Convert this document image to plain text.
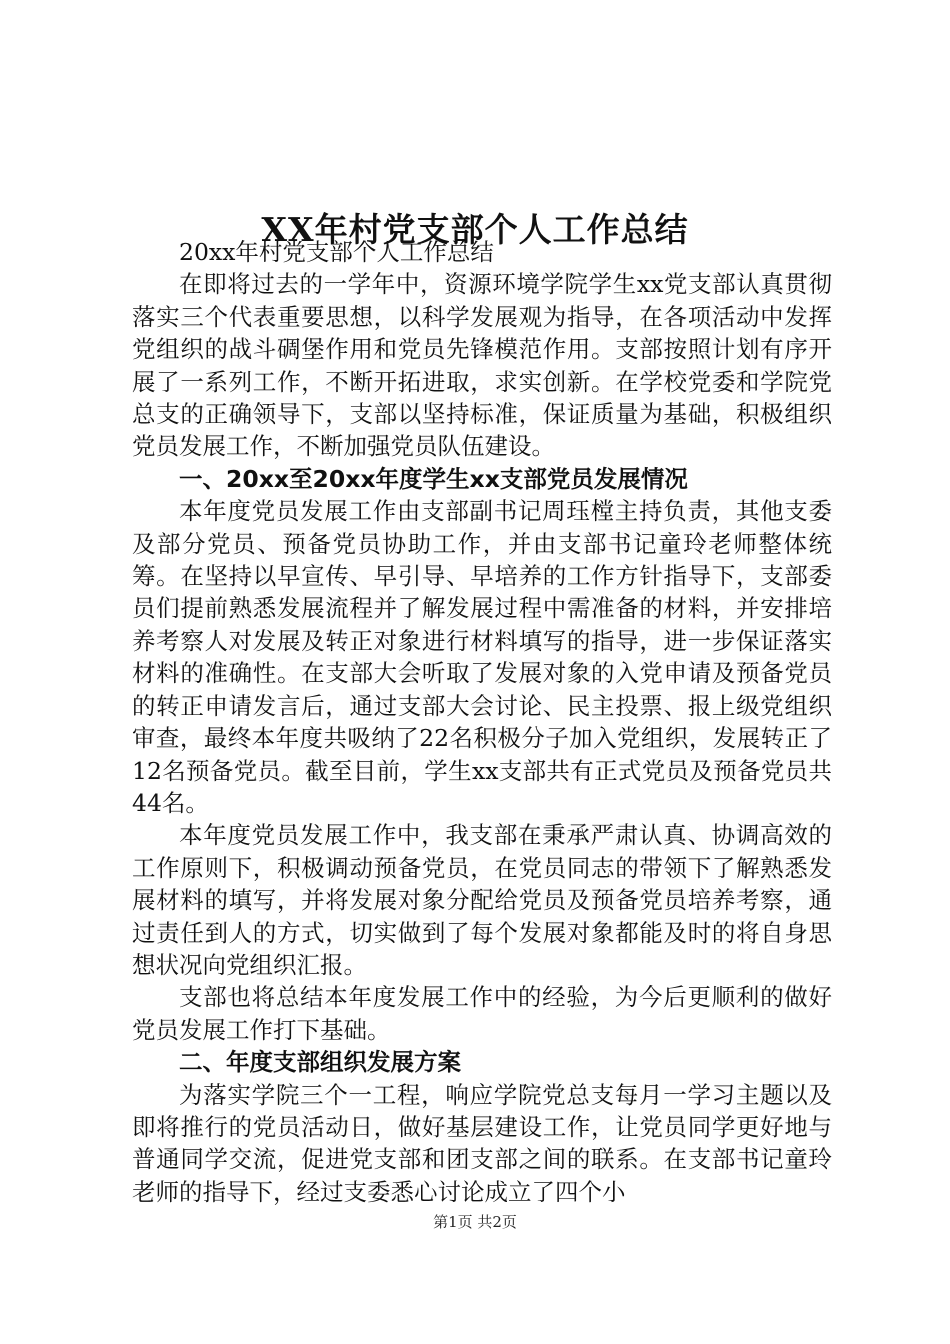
XX年村党支部个人工作总结

20xx年村党支部个人工作总结

在即将过去的一学年中，资源环境学院学生xx党支部认真贯彻落实三个代表重要思想，以科学发展观为指导，在各项活动中发挥党组织的战斗碉堡作用和党员先锋模范作用。支部按照计划有序开展了一系列工作，不断开拓进取，求实创新。在学校党委和学院党总支的正确领导下，支部以坚持标准，保证质量为基础，积极组织党员发展工作，不断加强党员队伍建设。

一、20xx至20xx年度学生xx支部党员发展情况

本年度党员发展工作由支部副书记周珏樘主持负责，其他支委及部分党员、预备党员协助工作，并由支部书记童玲老师整体统筹。在坚持以早宣传、早引导、早培养的工作方针指导下，支部委员们提前熟悉发展流程并了解发展过程中需准备的材料，并安排培养考察人对发展及转正对象进行材料填写的指导，进一步保证落实材料的准确性。在支部大会听取了发展对象的入党申请及预备党员的转正申请发言后，通过支部大会讨论、民主投票、报上级党组织审查，最终本年度共吸纳了22名积极分子加入党组织，发展转正了12名预备党员。截至目前，学生xx支部共有正式党员及预备党员共44名。

本年度党员发展工作中，我支部在秉承严肃认真、协调高效的工作原则下，积极调动预备党员，在党员同志的带领下了解熟悉发展材料的填写，并将发展对象分配给党员及预备党员培养考察，通过责任到人的方式，切实做到了每个发展对象都能及时的将自身思想状况向党组织汇报。

支部也将总结本年度发展工作中的经验，为今后更顺利的做好党员发展工作打下基础。

二、年度支部组织发展方案

为落实学院三个一工程，响应学院党总支每月一学习主题以及即将推行的党员活动日，做好基层建设工作，让党员同学更好地与普通同学交流，促进党支部和团支部之间的联系。在支部书记童玲老师的指导下，经过支委悉心讨论成立了四个小

第1页 共2页
